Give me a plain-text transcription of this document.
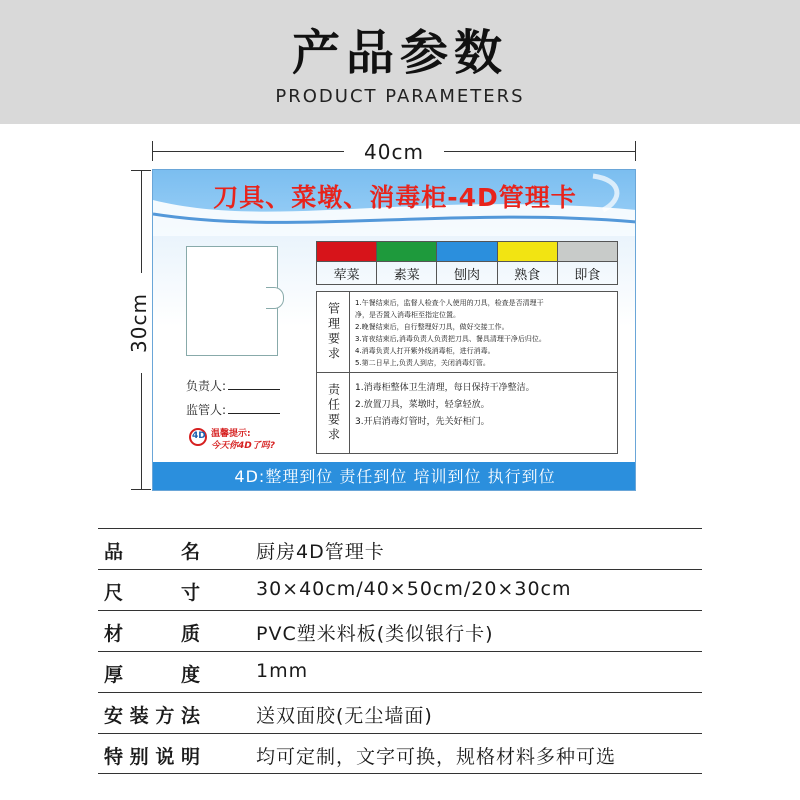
产品参数
PRODUCT PARAMETERS
40cm
30cm
刀具、菜墩、消毒柜-4D管理卡
负责人:
监管人:
4D 温馨提示:
今天你4D了吗?
荤菜	素菜	刨肉	熟食	即食
管理要求 1.午餐结束后，监督人检查个人使用的刀具，检查是否清理干
净，是否置入消毒柜至指定位置。
2.晚餐结束后，自行整理好刀具，做好交接工作。
3.宵夜结束后,消毒负责人负责把刀具、餐具清理干净后归位。
4.消毒负责人打开紫外线消毒柜，进行消毒。
5.第二日早上,负责人到店，关闭消毒灯管。
责任要求 1.消毒柜整体卫生清理，每日保持干净整洁。
2.放置刀具，菜墩时，轻拿轻放。
3.开启消毒灯管时，先关好柜门。
4D:整理到位 责任到位 培训到位 执行到位
品名	厨房4D管理卡
尺寸	30×40cm/40×50cm/20×30cm
材质	PVC塑米料板(类似银行卡)
厚度	1mm
安装方法	送双面胶(无尘墙面)
特别说明	均可定制，文字可换，规格材料多种可选
